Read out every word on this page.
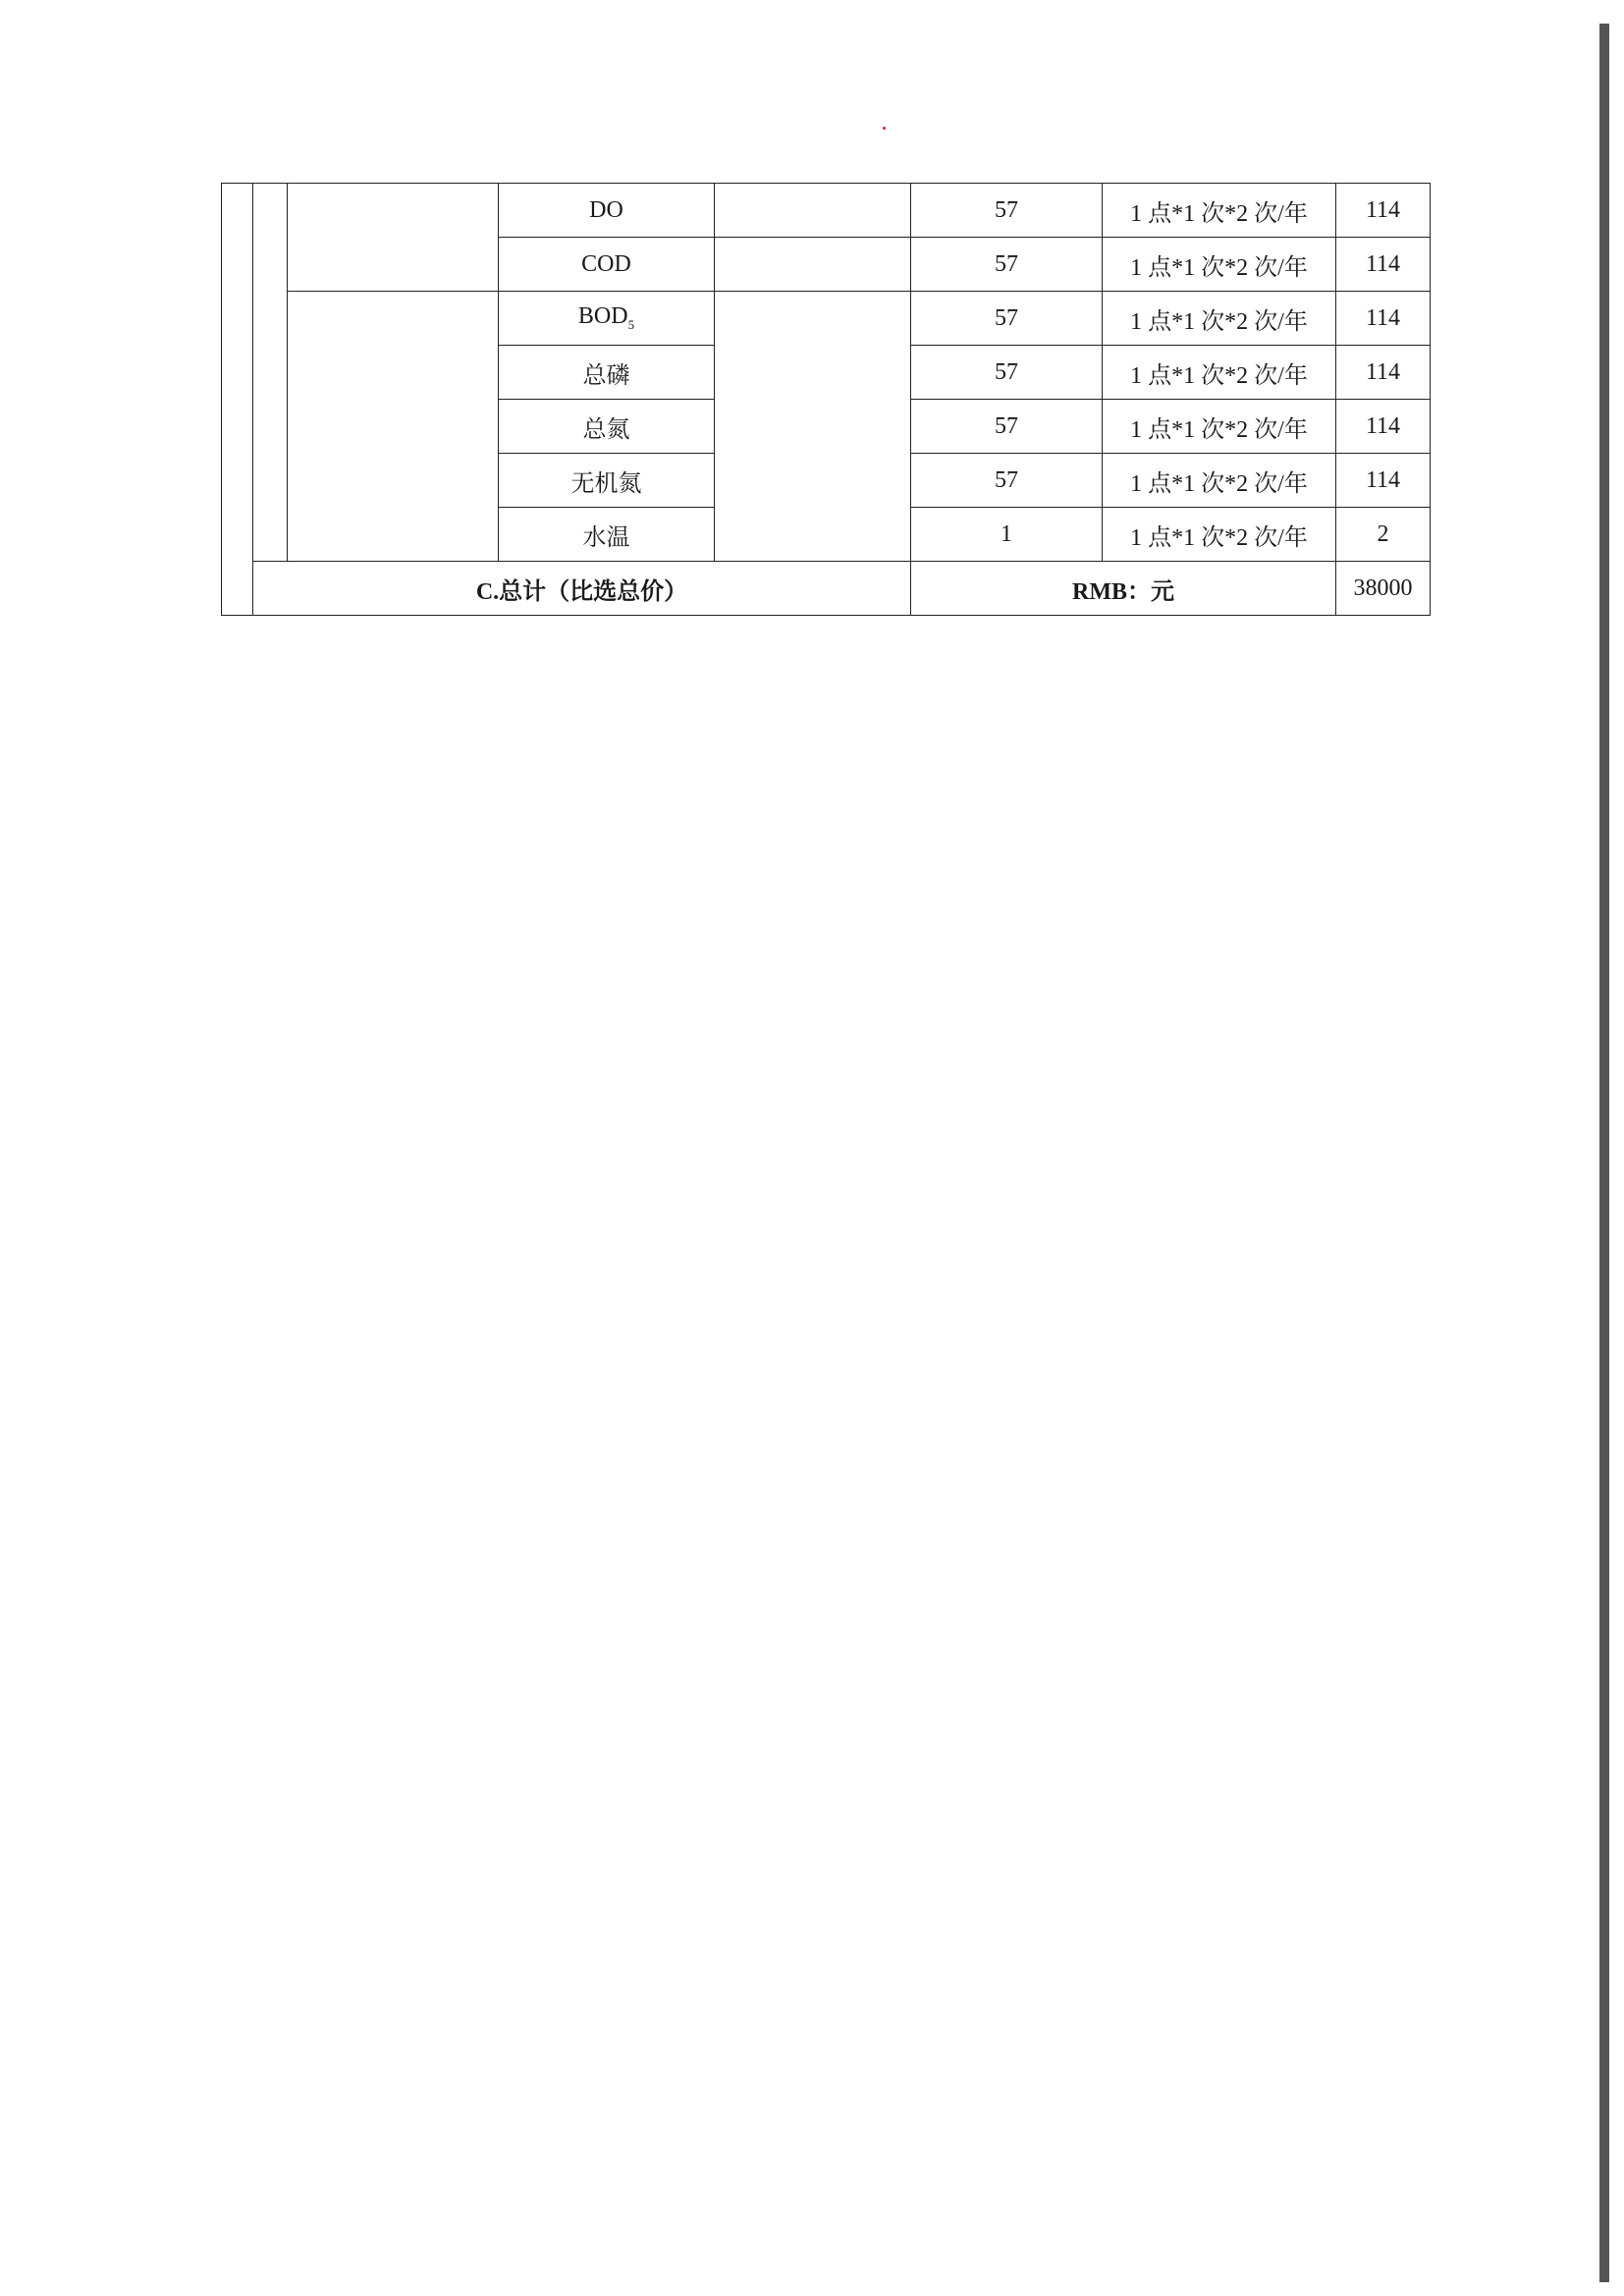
			DO		57	1 点*1 次*2 次/年	114
			COD		57	1 点*1 次*2 次/年	114
			$BOD_5$		57	1 点*1 次*2 次/年	114
			总磷		57	1 点*1 次*2 次/年	114
			总氮		57	1 点*1 次*2 次/年	114
			无机氮		57	1 点*1 次*2 次/年	114
			水温		1	1 点*1 次*2 次/年	2
	C.总计（比选总价）				RMB：元		38000
